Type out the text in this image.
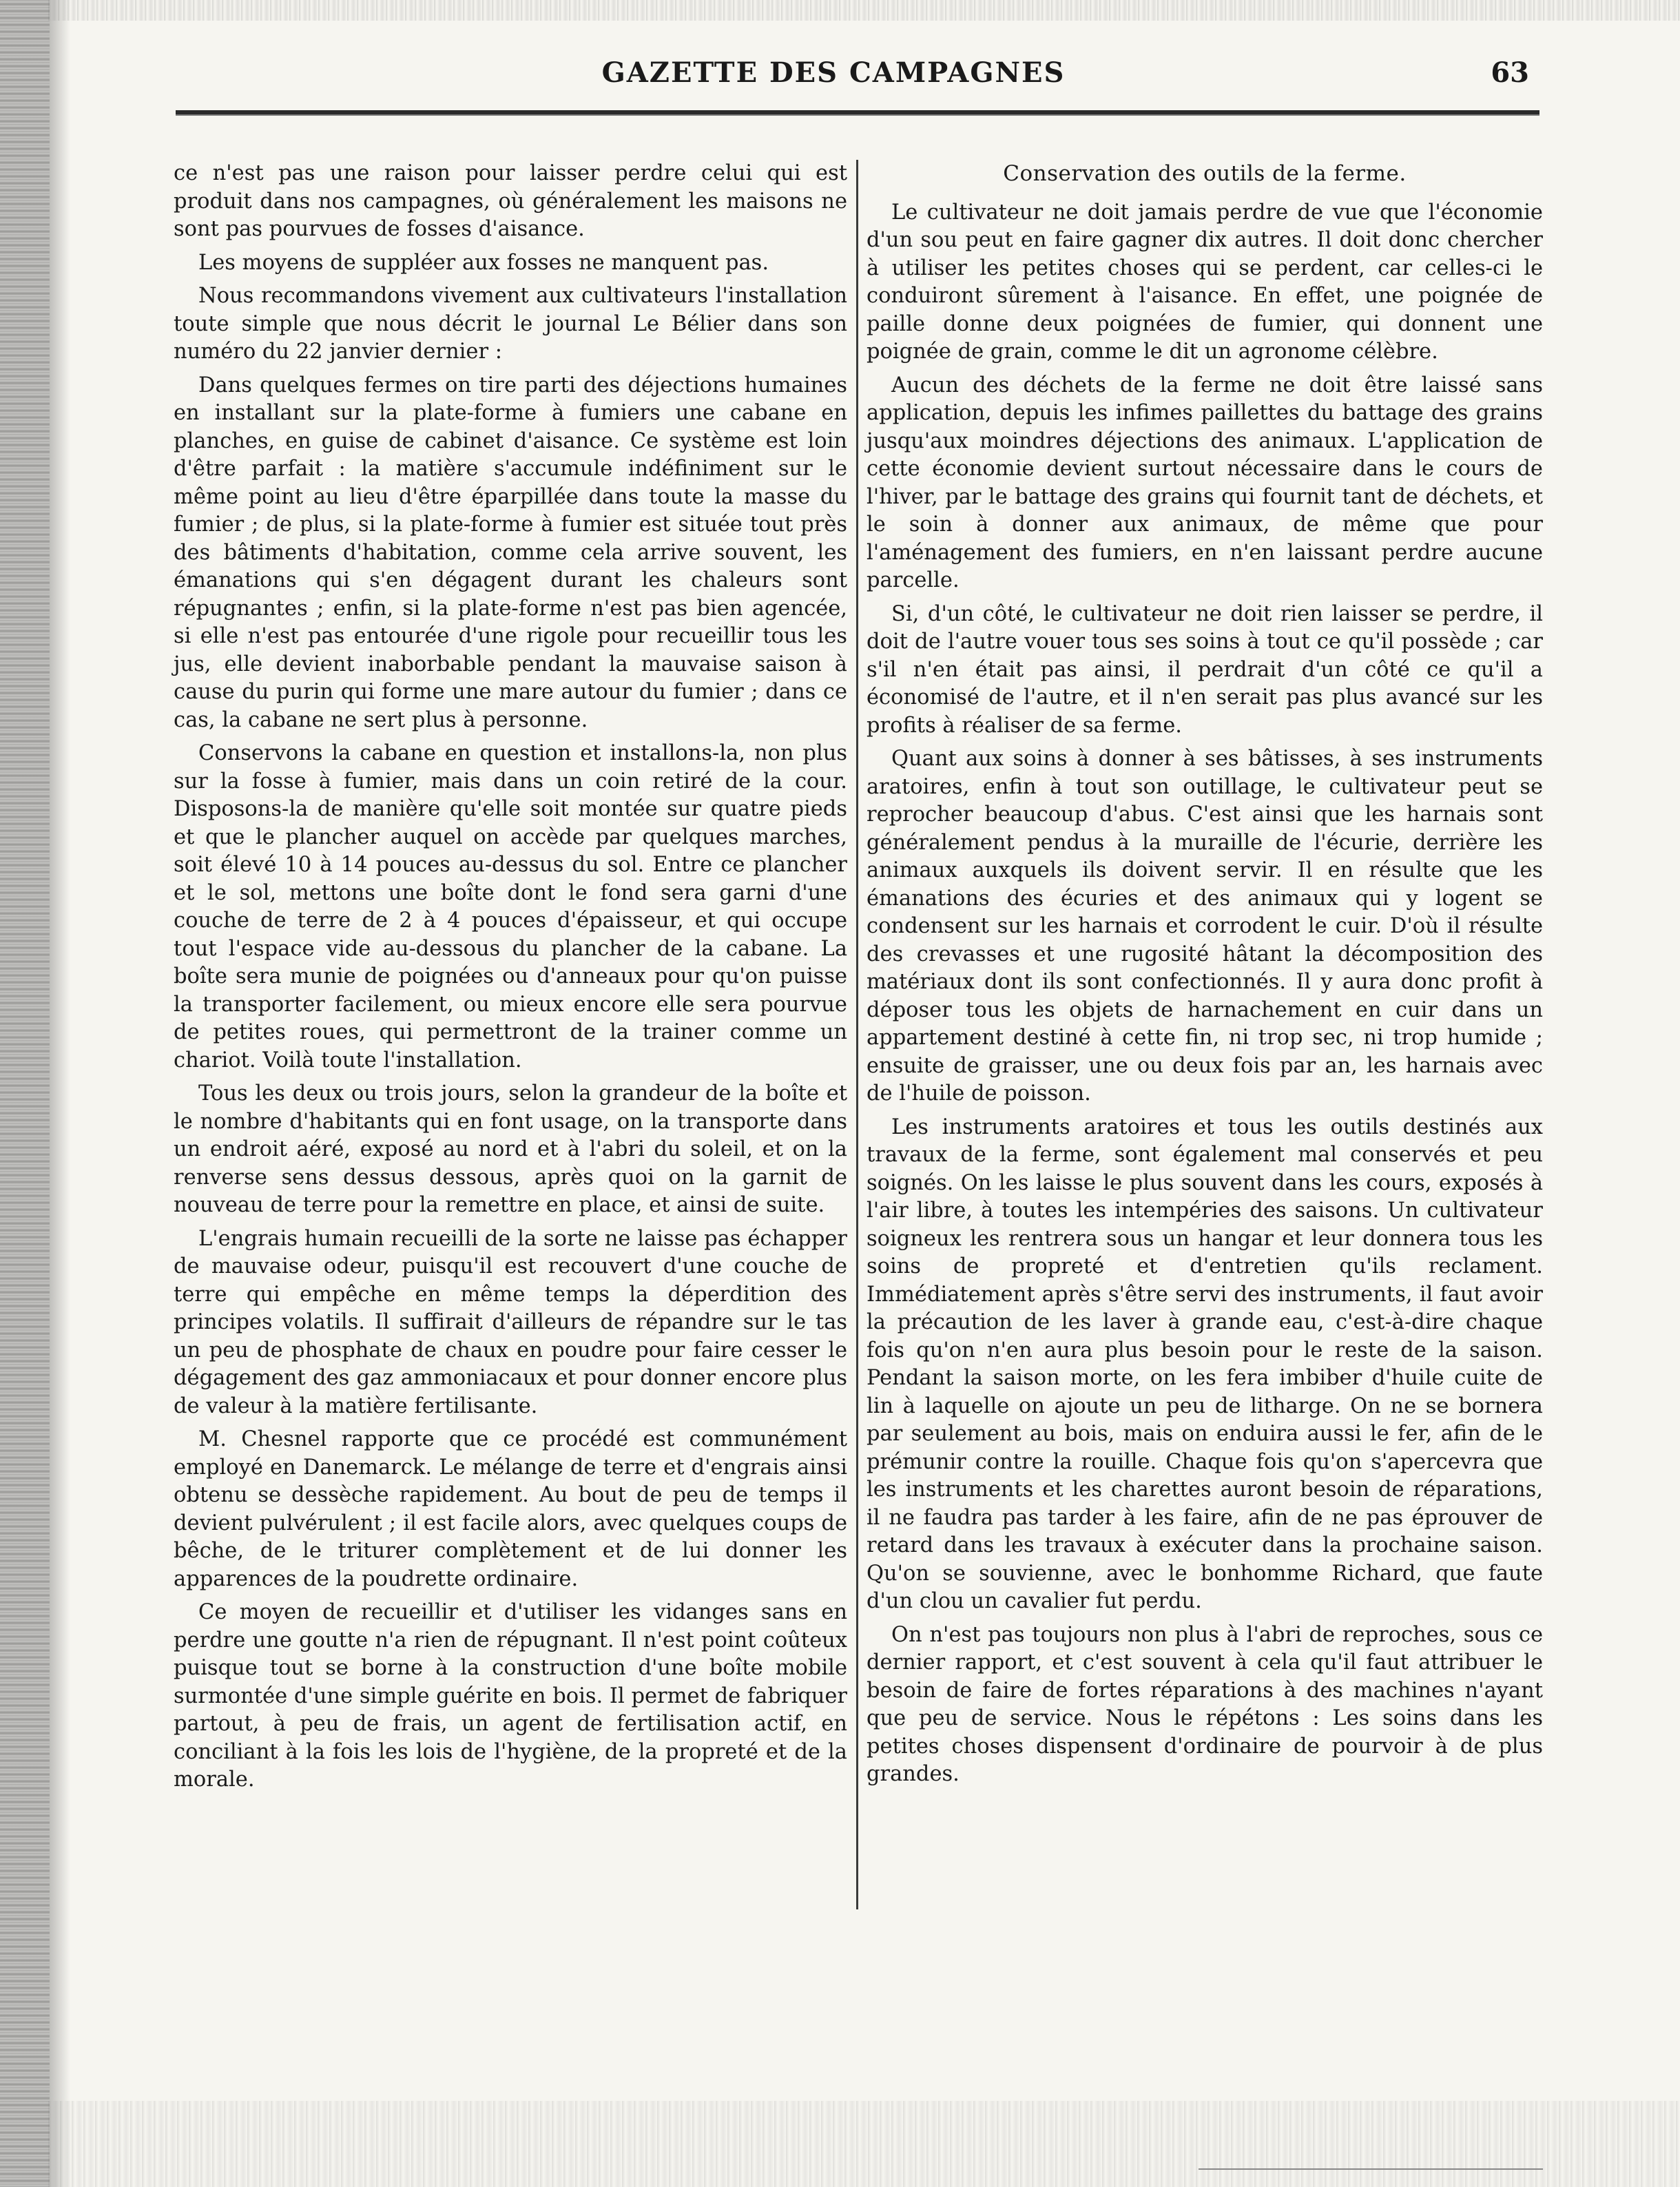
GAZETTE DES CAMPAGNES	63

ce n'est pas une raison pour laisser perdre celui qui est produit dans nos campagnes, où généralement les maisons ne sont pas pourvues de fosses d'aisance.

Les moyens de suppléer aux fosses ne manquent pas.

Nous recommandons vivement aux cultivateurs l'installation toute simple que nous décrit le journal Le Bélier dans son numéro du 22 janvier dernier :

Dans quelques fermes on tire parti des déjections humaines en installant sur la plate-forme à fumiers une cabane en planches, en guise de cabinet d'aisance. Ce système est loin d'être parfait : la matière s'accumule indéfiniment sur le même point au lieu d'être éparpillée dans toute la masse du fumier ; de plus, si la plate-forme à fumier est située tout près des bâtiments d'habitation, comme cela arrive souvent, les émanations qui s'en dégagent durant les chaleurs sont répugnantes ; enfin, si la plate-forme n'est pas bien agencée, si elle n'est pas entourée d'une rigole pour recueillir tous les jus, elle devient inaborbable pendant la mauvaise saison à cause du purin qui forme une mare autour du fumier ; dans ce cas, la cabane ne sert plus à personne.

Conservons la cabane en question et installons-la, non plus sur la fosse à fumier, mais dans un coin retiré de la cour. Disposons-la de manière qu'elle soit montée sur quatre pieds et que le plancher auquel on accède par quelques marches, soit élevé 10 à 14 pouces au-dessus du sol. Entre ce plancher et le sol, mettons une boîte dont le fond sera garni d'une couche de terre de 2 à 4 pouces d'épaisseur, et qui occupe tout l'espace vide au-dessous du plancher de la cabane. La boîte sera munie de poignées ou d'anneaux pour qu'on puisse la transporter facilement, ou mieux encore elle sera pourvue de petites roues, qui permettront de la trainer comme un chariot. Voilà toute l'installation.

Tous les deux ou trois jours, selon la grandeur de la boîte et le nombre d'habitants qui en font usage, on la transporte dans un endroit aéré, exposé au nord et à l'abri du soleil, et on la renverse sens dessus dessous, après quoi on la garnit de nouveau de terre pour la remettre en place, et ainsi de suite.

L'engrais humain recueilli de la sorte ne laisse pas échapper de mauvaise odeur, puisqu'il est recouvert d'une couche de terre qui empêche en même temps la déperdition des principes volatils. Il suffirait d'ailleurs de répandre sur le tas un peu de phosphate de chaux en poudre pour faire cesser le dégagement des gaz ammoniacaux et pour donner encore plus de valeur à la matière fertilisante.

M. Chesnel rapporte que ce procédé est communément employé en Danemarck. Le mélange de terre et d'engrais ainsi obtenu se dessèche rapidement. Au bout de peu de temps il devient pulvérulent ; il est facile alors, avec quelques coups de bêche, de le triturer complètement et de lui donner les apparences de la poudrette ordinaire.

Ce moyen de recueillir et d'utiliser les vidanges sans en perdre une goutte n'a rien de répugnant. Il n'est point coûteux puisque tout se borne à la construction d'une boîte mobile surmontée d'une simple guérite en bois. Il permet de fabriquer partout, à peu de frais, un agent de fertilisation actif, en conciliant à la fois les lois de l'hygiène, de la propreté et de la morale.

Conservation des outils de la ferme.

Le cultivateur ne doit jamais perdre de vue que l'économie d'un sou peut en faire gagner dix autres. Il doit donc chercher à utiliser les petites choses qui se perdent, car celles-ci le conduiront sûrement à l'aisance. En effet, une poignée de paille donne deux poignées de fumier, qui donnent une poignée de grain, comme le dit un agronome célèbre.

Aucun des déchets de la ferme ne doit être laissé sans application, depuis les infimes paillettes du battage des grains jusqu'aux moindres déjections des animaux. L'application de cette économie devient surtout nécessaire dans le cours de l'hiver, par le battage des grains qui fournit tant de déchets, et le soin à donner aux animaux, de même que pour l'aménagement des fumiers, en n'en laissant perdre aucune parcelle.

Si, d'un côté, le cultivateur ne doit rien laisser se perdre, il doit de l'autre vouer tous ses soins à tout ce qu'il possède ; car s'il n'en était pas ainsi, il perdrait d'un côté ce qu'il a économisé de l'autre, et il n'en serait pas plus avancé sur les profits à réaliser de sa ferme.

Quant aux soins à donner à ses bâtisses, à ses instruments aratoires, enfin à tout son outillage, le cultivateur peut se reprocher beaucoup d'abus. C'est ainsi que les harnais sont généralement pendus à la muraille de l'écurie, derrière les animaux auxquels ils doivent servir. Il en résulte que les émanations des écuries et des animaux qui y logent se condensent sur les harnais et corrodent le cuir. D'où il résulte des crevasses et une rugosité hâtant la décomposition des matériaux dont ils sont confectionnés. Il y aura donc profit à déposer tous les objets de harnachement en cuir dans un appartement destiné à cette fin, ni trop sec, ni trop humide ; ensuite de graisser, une ou deux fois par an, les harnais avec de l'huile de poisson.

Les instruments aratoires et tous les outils destinés aux travaux de la ferme, sont également mal conservés et peu soignés. On les laisse le plus souvent dans les cours, exposés à l'air libre, à toutes les intempéries des saisons. Un cultivateur soigneux les rentrera sous un hangar et leur donnera tous les soins de propreté et d'entretien qu'ils reclament. Immédiatement après s'être servi des instruments, il faut avoir la précaution de les laver à grande eau, c'est-à-dire chaque fois qu'on n'en aura plus besoin pour le reste de la saison. Pendant la saison morte, on les fera imbiber d'huile cuite de lin à laquelle on ajoute un peu de litharge. On ne se bornera par seulement au bois, mais on enduira aussi le fer, afin de le prémunir contre la rouille. Chaque fois qu'on s'apercevra que les instruments et les charettes auront besoin de réparations, il ne faudra pas tarder à les faire, afin de ne pas éprouver de retard dans les travaux à exécuter dans la prochaine saison. Qu'on se souvienne, avec le bonhomme Richard, que faute d'un clou un cavalier fut perdu.

On n'est pas toujours non plus à l'abri de reproches, sous ce dernier rapport, et c'est souvent à cela qu'il faut attribuer le besoin de faire de fortes réparations à des machines n'ayant que peu de service. Nous le répétons : Les soins dans les petites choses dispensent d'ordinaire de pourvoir à de plus grandes.
